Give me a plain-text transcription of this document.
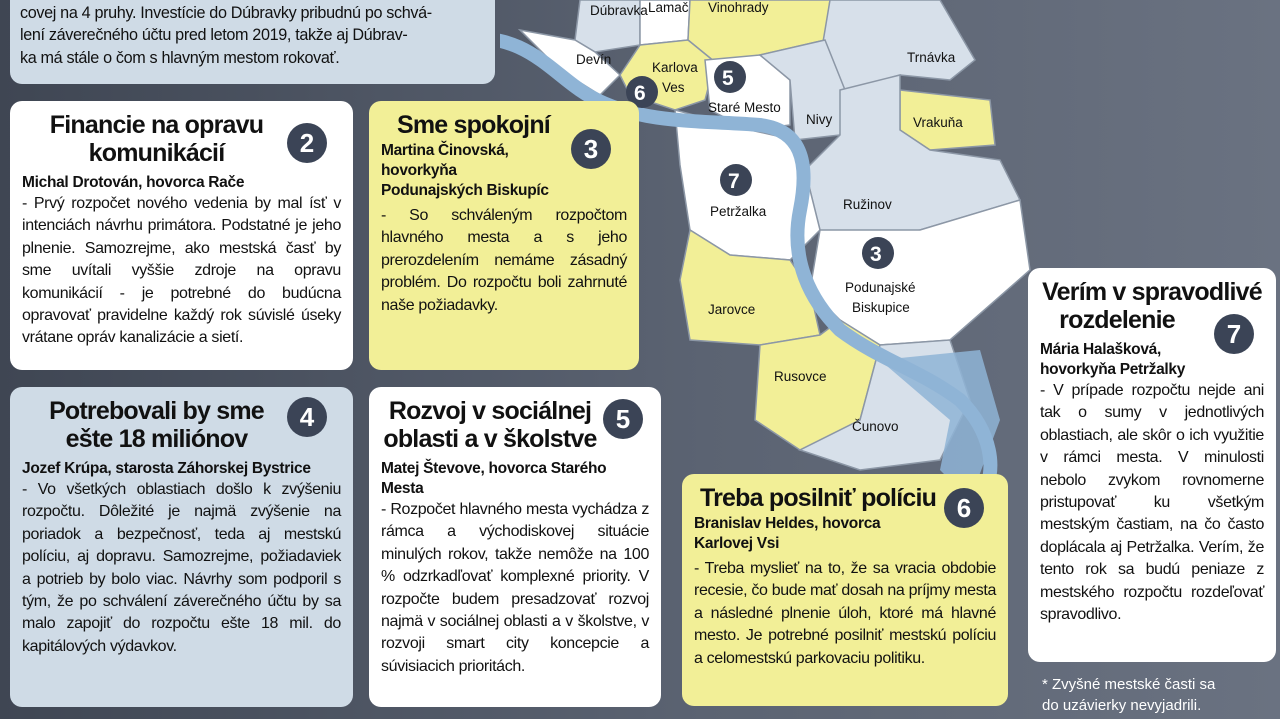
Dúbravka Lamač Vinohrady
Devín
Karlova
Ves
Trnávka
Staré Mesto
Nivy	Vrakuňa
Petržalka	Ružinov
Podunajské
Biskupice
Jarovce
Rusovce
Čunovo
5
6
7
3
covej na 4 pruhy. Investície do Dúbravky pribudnú po schvá-
lení záverečného účtu pred letom 2019, takže aj Dúbrav-
ka má stále o čom s hlavným mestom rokovať.
Financie na opravu
komunikácií	2
Michal Drotován, hovorca Rače
- Prvý rozpočet nového vedenia by mal ísť v intenciách návrhu primátora. Podstatné je jeho plnenie. Samozrejme, ako mestská časť by sme uvítali vyššie zdroje na opravu komunikácií - je potrebné do budúcna opravovať pravidelne každý rok súvislé úseky vrátane opráv kanalizácie a sietí.
Sme spokojní
3
Martina Činovská, hovorkyňa Podunajských Biskupíc
- So schváleným rozpočtom hlavného mesta a s jeho prerozdelením nemáme zásadný problém. Do rozpočtu boli zahrnuté naše požiadavky.
Potrebovali by sme
ešte 18 miliónov
4
Jozef Krúpa, starosta Záhorskej Bystrice
- Vo všetkých oblastiach došlo k zvýšeniu rozpočtu. Dôležité je najmä zvýšenie na poriadok a bezpečnosť, teda aj mestskú políciu, aj dopravu. Samozrejme, požiadaviek a potrieb by bolo viac. Návrhy som podporil s tým, že po schválení záverečného účtu by sa malo zapojiť do rozpočtu ešte 18 mil. do kapitálových výdavkov.
Rozvoj v sociálnej
oblasti a v školstve
5
Matej Števove, hovorca Starého Mesta
- Rozpočet hlavného mesta vychádza z rámca a východiskovej situácie minulých rokov, takže nemôže na 100 % odzrkadľovať komplexné priority. V rozpočte budem presadzovať rozvoj najmä v sociálnej oblasti a v školstve, v rozvoji smart city koncepcie a súvisiacich prioritách.
Treba posilniť políciu 6
Branislav Heldes, hovorca Karlovej Vsi
- Treba myslieť na to, že sa vracia obdobie recesie, čo bude mať dosah na príjmy mesta a následné plnenie úloh, ktoré má hlavné mesto. Je potrebné posilniť mestskú políciu a celomestskú parkovaciu politiku.
Verím v spravodlivé
rozdelenie	7
Mária Halašková, hovorkyňa Petržalky
- V prípade rozpočtu nejde ani tak o sumy v jednotlivých oblastiach, ale skôr o ich využitie v rámci mesta. V minulosti nebolo zvykom rovnomerne pristupovať ku všetkým mestským častiam, na čo často doplácala aj Petržalka. Verím, že tento rok sa budú peniaze z mestského rozpočtu rozdeľovať spravodlivo.
* Zvyšné mestské časti sa
do uzávierky nevyjadrili.
